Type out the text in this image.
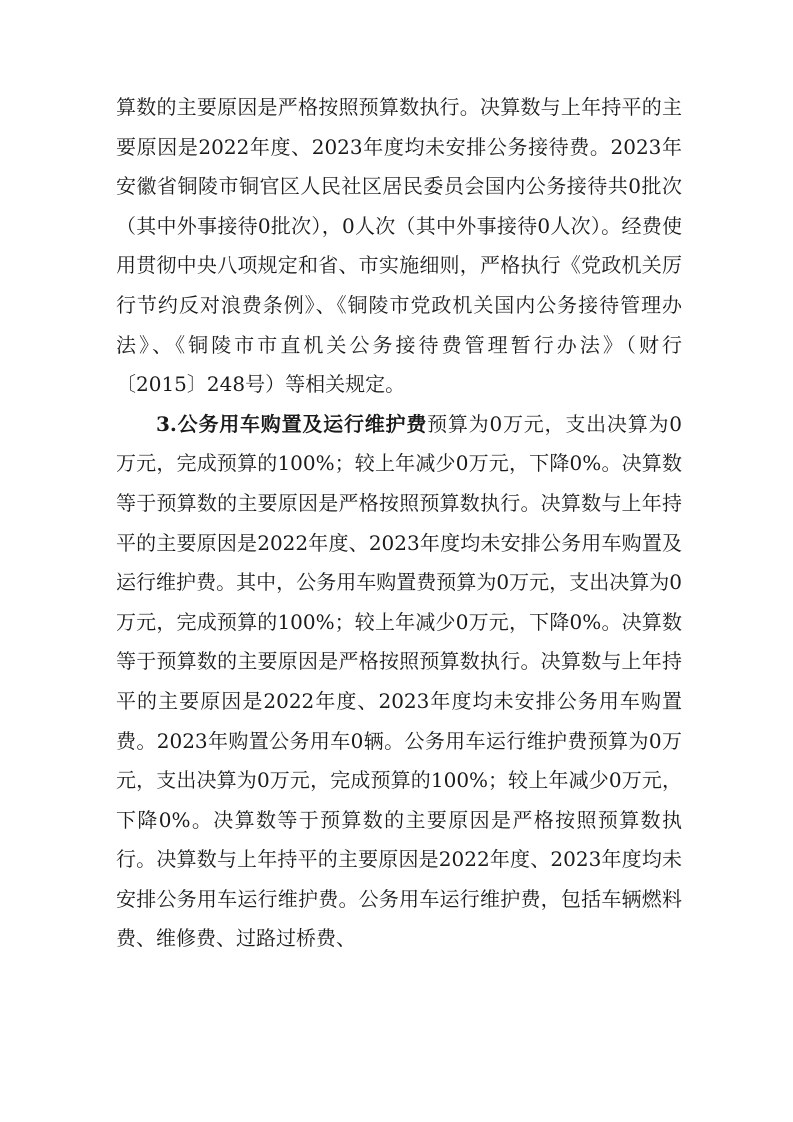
算数的主要原因是严格按照预算数执行。决算数与上年持平的主要原因是2022年度、2023年度均未安排公务接待费。2023年安徽省铜陵市铜官区人民社区居民委员会国内公务接待共0批次（其中外事接待0批次），0人次（其中外事接待0人次）。经费使用贯彻中央八项规定和省、市实施细则，严格执行《党政机关厉行节约反对浪费条例》、《铜陵市党政机关国内公务接待管理办法》、《铜陵市市直机关公务接待费管理暂行办法》（财行〔2015〕248号）等相关规定。

3.公务用车购置及运行维护费预算为0万元，支出决算为0万元，完成预算的100%；较上年减少0万元，下降0%。决算数等于预算数的主要原因是严格按照预算数执行。决算数与上年持平的主要原因是2022年度、2023年度均未安排公务用车购置及运行维护费。其中，公务用车购置费预算为0万元，支出决算为0万元，完成预算的100%；较上年减少0万元，下降0%。决算数等于预算数的主要原因是严格按照预算数执行。决算数与上年持平的主要原因是2022年度、2023年度均未安排公务用车购置费。2023年购置公务用车0辆。公务用车运行维护费预算为0万元，支出决算为0万元，完成预算的100%；较上年减少0万元，下降0%。决算数等于预算数的主要原因是严格按照预算数执行。决算数与上年持平的主要原因是2022年度、2023年度均未安排公务用车运行维护费。公务用车运行维护费，包括车辆燃料费、维修费、过路过桥费、
